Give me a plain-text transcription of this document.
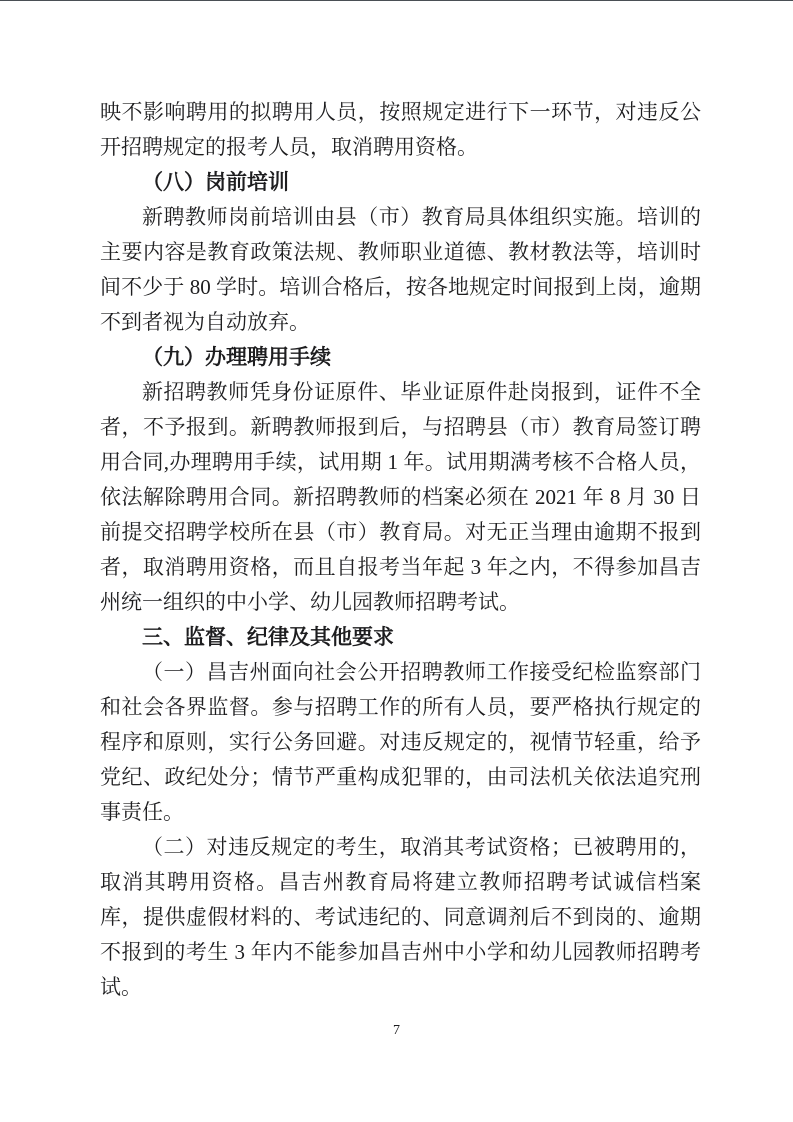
映不影响聘用的拟聘用人员，按照规定进行下一环节，对违反公开招聘规定的报考人员，取消聘用资格。

（八）岗前培训

新聘教师岗前培训由县（市）教育局具体组织实施。培训的主要内容是教育政策法规、教师职业道德、教材教法等，培训时间不少于 80 学时。培训合格后，按各地规定时间报到上岗，逾期不到者视为自动放弃。

（九）办理聘用手续

新招聘教师凭身份证原件、毕业证原件赴岗报到，证件不全者，不予报到。新聘教师报到后，与招聘县（市）教育局签订聘用合同,办理聘用手续，试用期 1 年。试用期满考核不合格人员，依法解除聘用合同。新招聘教师的档案必须在 2021 年 8 月 30 日前提交招聘学校所在县（市）教育局。对无正当理由逾期不报到者，取消聘用资格，而且自报考当年起 3 年之内，不得参加昌吉州统一组织的中小学、幼儿园教师招聘考试。

三、监督、纪律及其他要求

（一）昌吉州面向社会公开招聘教师工作接受纪检监察部门和社会各界监督。参与招聘工作的所有人员，要严格执行规定的程序和原则，实行公务回避。对违反规定的，视情节轻重，给予党纪、政纪处分；情节严重构成犯罪的，由司法机关依法追究刑事责任。

（二）对违反规定的考生，取消其考试资格；已被聘用的，取消其聘用资格。昌吉州教育局将建立教师招聘考试诚信档案库，提供虚假材料的、考试违纪的、同意调剂后不到岗的、逾期不报到的考生 3 年内不能参加昌吉州中小学和幼儿园教师招聘考试。

7
